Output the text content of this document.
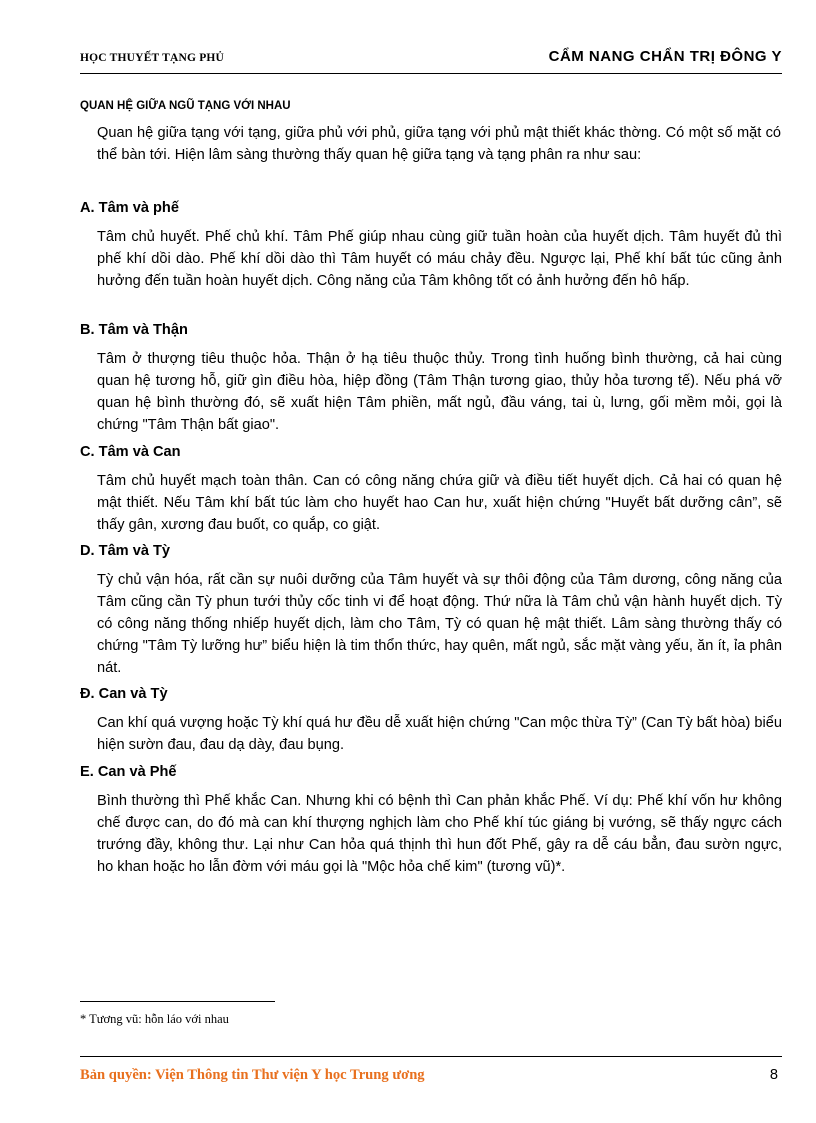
HỌC THUYẾT TẠNG PHỦ	CẨM NANG CHẨN TRỊ ĐÔNG Y
QUAN HỆ GIỮA NGŨ TẠNG VỚI NHAU

Quan hệ giữa tạng với tạng, giữa phủ với phủ, giữa tạng với phủ mật thiết khác thờng. Có một số mặt có thể bàn tới. Hiện lâm sàng thường thấy quan hệ giữa tạng và tạng phân ra như sau:

A. Tâm và phế

Tâm chủ huyết. Phế chủ khí. Tâm Phế giúp nhau cùng giữ tuần hoàn của huyết dịch. Tâm huyết đủ thì phế khí dồi dào. Phế khí dồi dào thì Tâm huyết có máu chảy đều. Ngược lại, Phế khí bất túc cũng ảnh hưởng đến tuần hoàn huyết dịch. Công năng của Tâm không tốt có ảnh hưởng đến hô hấp.

B. Tâm và Thận

Tâm ở thượng tiêu thuộc hỏa. Thận ở hạ tiêu thuộc thủy. Trong tình huống bình thường, cả hai cùng quan hệ tương hỗ, giữ gìn điều hòa, hiệp đồng (Tâm Thận tương giao, thủy hỏa tương tế). Nếu phá vỡ quan hệ bình thường đó, sẽ xuất hiện Tâm phiền, mất ngủ, đầu váng, tai ù, lưng, gối mềm mỏi, gọi là chứng "Tâm Thận bất giao".

C. Tâm và Can

Tâm chủ huyết mạch toàn thân. Can có công năng chứa giữ và điều tiết huyết dịch. Cả hai có quan hệ mật thiết. Nếu Tâm khí bất túc làm cho huyết hao Can hư, xuất hiện chứng "Huyết bất dưỡng cân”, sẽ thấy gân, xương đau buốt, co quắp, co giật.

D. Tâm và Tỳ

Tỳ chủ vận hóa, rất cần sự nuôi dưỡng của Tâm huyết và sự thôi động của Tâm dương, công năng của Tâm cũng cần Tỳ phun tưới thủy cốc tinh vi để hoạt động. Thứ nữa là Tâm chủ vận hành huyết dịch. Tỳ có công năng thống nhiếp huyết dịch, làm cho Tâm, Tỳ có quan hệ mật thiết. Lâm sàng thường thấy có chứng "Tâm Tỳ lưỡng hư” biểu hiện là tim thổn thức, hay quên, mất ngủ, sắc mặt vàng yếu, ăn ít, ỉa phân nát.

Đ. Can và Tỳ

Can khí quá vượng hoặc Tỳ khí quá hư đều dễ xuất hiện chứng "Can mộc thừa Tỳ” (Can Tỳ bất hòa) biểu hiện sườn đau, đau dạ dày, đau bụng.

E. Can và Phế

Bình thường thì Phế khắc Can. Nhưng khi có bệnh thì Can phản khắc Phế. Ví dụ: Phế khí vốn hư không chế được can, do đó mà can khí thượng nghịch làm cho Phế khí túc giáng bị vướng, sẽ thấy ngực cách trướng đầy, không thư. Lại như Can hỏa quá thịnh thì hun đốt Phế, gây ra dễ cáu bẳn, đau sườn ngực, ho khan hoặc ho lẫn đờm với máu gọi là "Mộc hỏa chế kim" (tương vũ)*.

* Tương vũ: hỗn láo với nhau
Bản quyền: Viện Thông tin Thư viện Y học Trung ương	8
